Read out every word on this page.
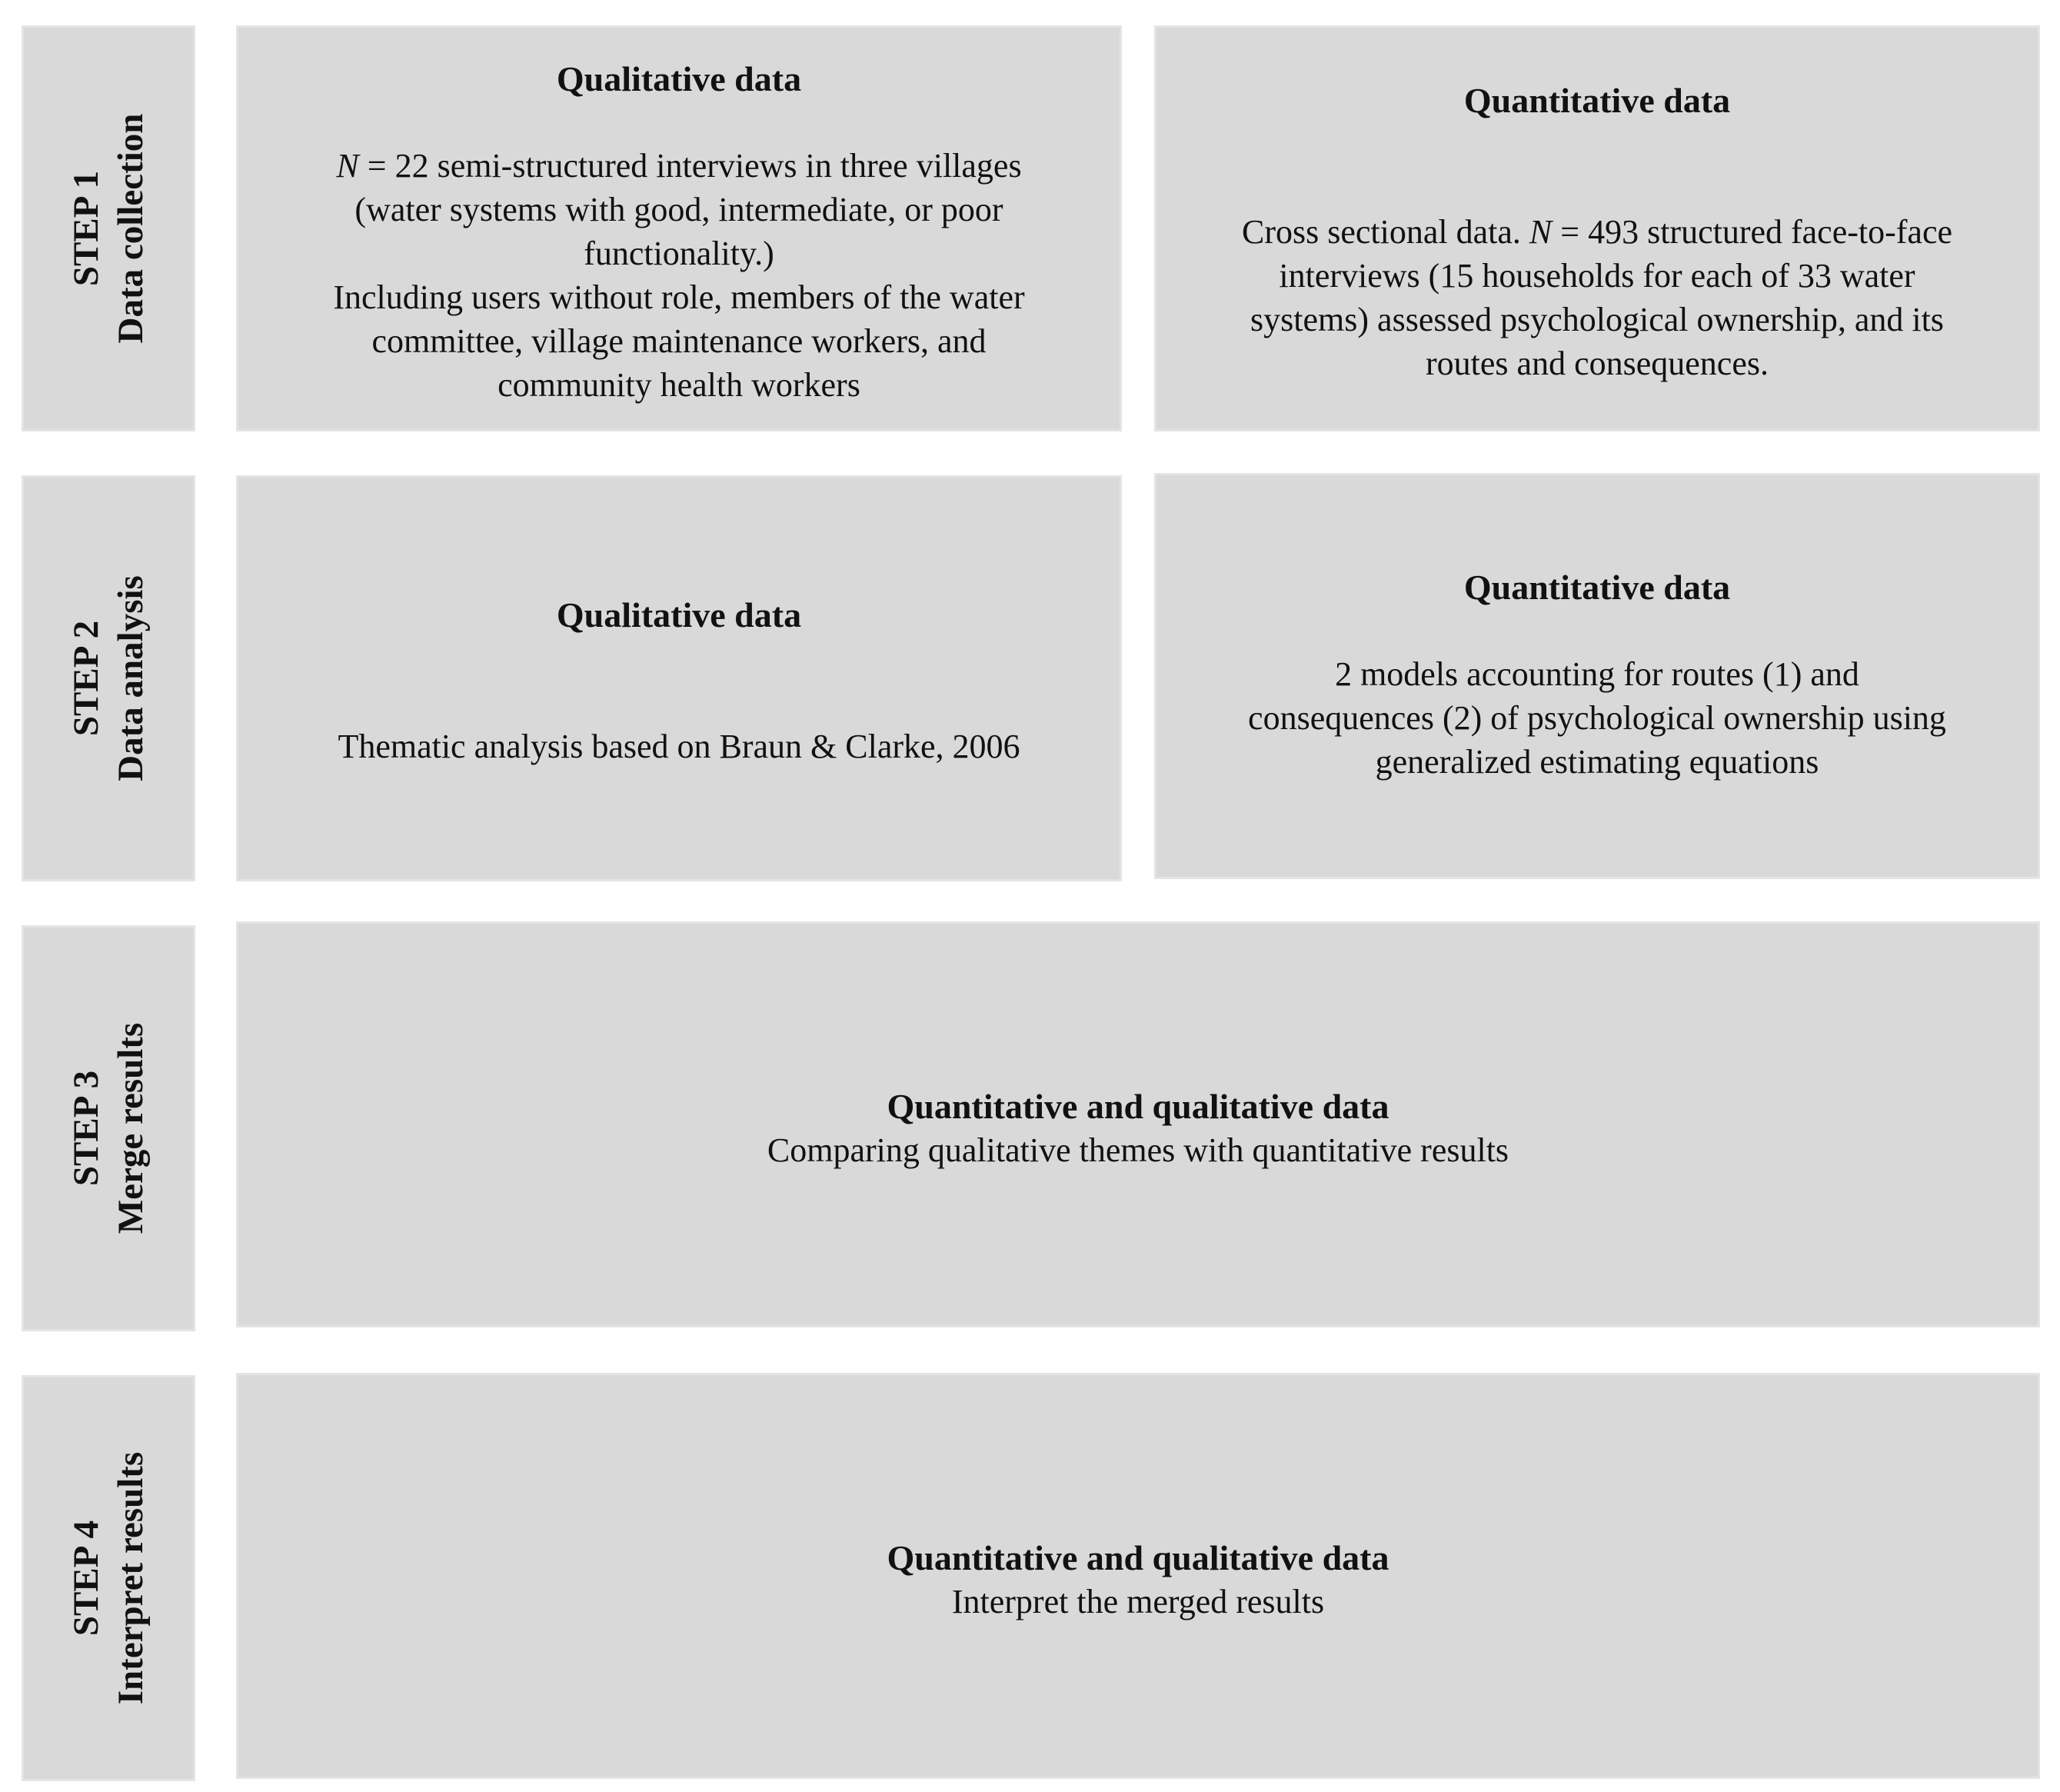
STEP 1 Data collection
STEP 2 Data analysis
STEP 3 Merge results
STEP 4 Interpret results
Qualitative data
N = 22 semi-structured interviews in three villages
(water systems with good, intermediate, or poor
functionality.)
Including users without role, members of the water
committee, village maintenance workers, and
community health workers
Quantitative data
Cross sectional data. N = 493 structured face-to-face
interviews (15 households for each of 33 water
systems) assessed psychological ownership, and its
routes and consequences.
Qualitative data
Thematic analysis based on Braun & Clarke, 2006
Quantitative data
2 models accounting for routes (1) and
consequences (2) of psychological ownership using
generalized estimating equations
Quantitative and qualitative data
Comparing qualitative themes with quantitative results
Quantitative and qualitative data
Interpret the merged results
